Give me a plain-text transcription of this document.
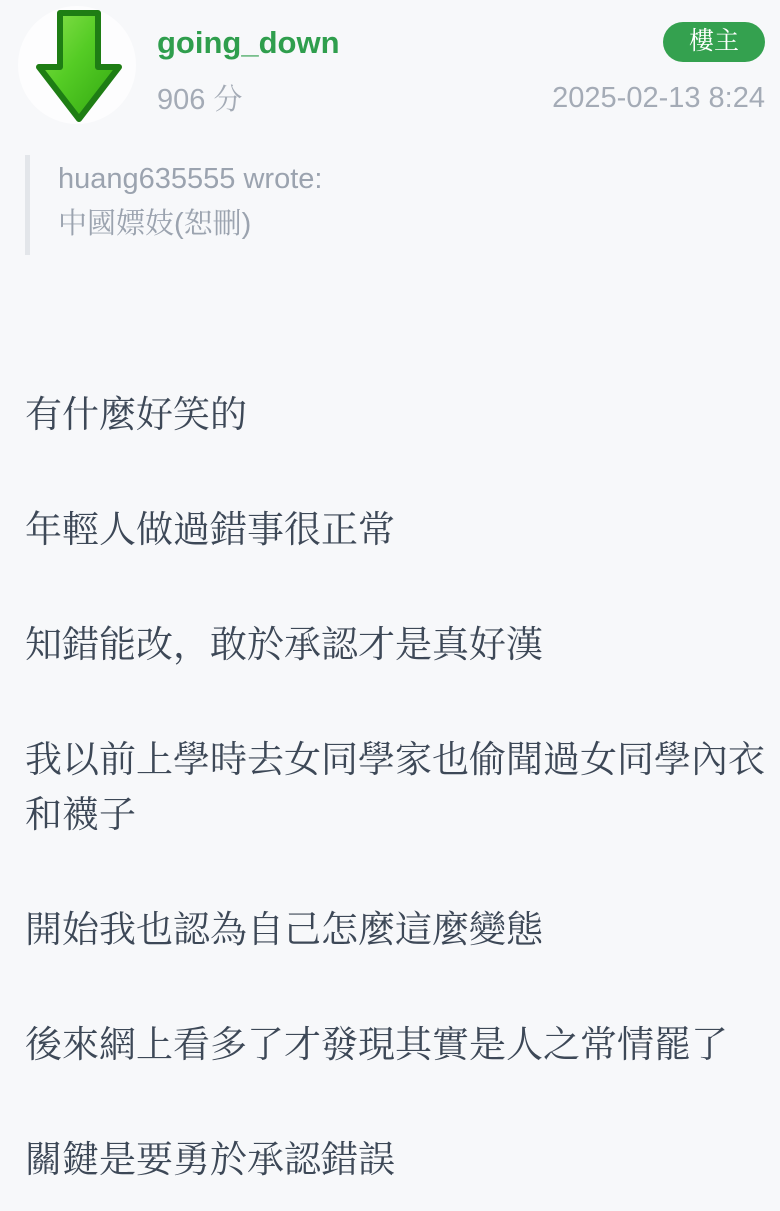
going_down
906 分
樓主
2025-02-13 8:24
huang635555 wrote:
中國嫖妓(恕刪)

有什麼好笑的

年輕人做過錯事很正常

知錯能改，敢於承認才是真好漢

我以前上學時去女同學家也偷聞過女同學內衣和襪子

開始我也認為自己怎麼這麼變態

後來網上看多了才發現其實是人之常情罷了

關鍵是要勇於承認錯誤
